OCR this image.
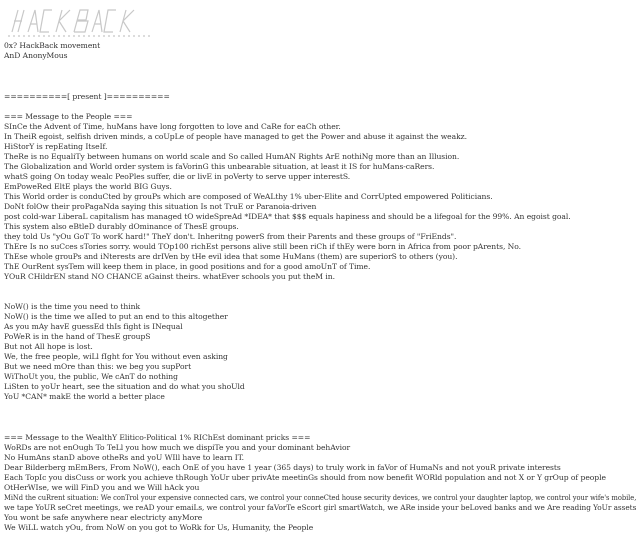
0x? HackBack movement
AnD AnonyMous
==========[ present ]==========
=== Message to the People ===
SInCe the Advent of Time, huMans have long forgotten to love and CaRe for eaCh other.
In TheiR egoist, selfish driven minds, a coUpLe of people have managed to get the Power and abuse it against the weakz.
HiStorY is repEating ItseIf.
TheRe is no EqualiTy between humans on world scale and So called HumAN Rights ArE nothiNg more than an Illusion.
The Globalization and World order system is faVorinG this unbearable situation, at least it IS for huMans-caRers.
whatS going On today wealc PeoPles suffer, die or livE in poVerty to serve upper interestS.
EmPoweRed EltE plays the world BIG Guys.
This World order is conduCted by grouPs which are composed of WeALthy 1% uber-Elite and CorrUpted empowered Politicians.
DoNt folOw their proPagaNda saying this situation Is not TruE or Paranoia-driven
post cold-war LiberaL capitalism has managed tO wideSpreAd *IDEA* that $$$ equals hapiness and should be a lifegoal for the 99%. An egoist goal.
This system also eBtleD durably dOminance of ThesE groups.
they told Us "yOu GoT To worK hard!" TheY don't. Inheritng powerS from their Parents and these groups of "FriEnds".
ThEre Is no suCces sTories sorry. would TOp100 richEst persons alive still been riCh if thEy were born in Africa from poor pArents, No.
ThEse whole grouPs and iNterests are drIVen by tHe evil idea that some HuMans (them) are superiorS to others (you).
ThE OurRent sysTem will keep them in place, in good positions and for a good amoUnT of Time.
YOuR CHildrEN stand NO CHANCE aGainst theirs. whatEver schools you put theM in.
NoW() is the time you need to think
NoW() is the time we aIIed to put an end to this altogether
As you mAy havE guessEd thIs fight is INequal
PoWeR is in the hand of ThesE groupS
But not All hope is lost.
We, the free people, wiLl fIght for You without even asking
But we need mOre than this: we beg you supPort
WiThoUt you, the public, We cAnT do nothing
LiSten to yoUr heart, see the situation and do what you shoUld
YoU *CAN* makE the world a better place
=== Message to the WealthY Elitico-Political 1% RIChEst dominant pricks ===
WoRDs are not enOugh To TeLl you how much we dispiTe you and your dominant behAvior
No HumAns stanD above otheRs and yoU WIll have to learn IT.
Dear Bilderberg mEmBers, From NoW(), each OnE of you have 1 year (365 days) to truly work in faVor of HumaNs and not youR private interests
Each TopIc you disCuss or work you achieve thRough YoUr uber privAte meetinGs should from now benefit WORld population and not X or Y grOup of people
OtHerWIse, we will FinD you and we Will hAck you
MiNd the cuRrent situation: We conTrol your expensive connected cars, we control your conneCted house security devices, we control your daughter laptop, we control your wife's mobile,
we tape YoUR seCret meetings, we reAD your emaiLs, we control your faVorTe eScort girl smartWatch, we ARe inside your beLoved banks and we Are reading YoUr assets
You wont be safe anywhere near electricty anyMore
We WiLL watch yOu, from NoW on you got to WoRk for Us, Humanity, the People
